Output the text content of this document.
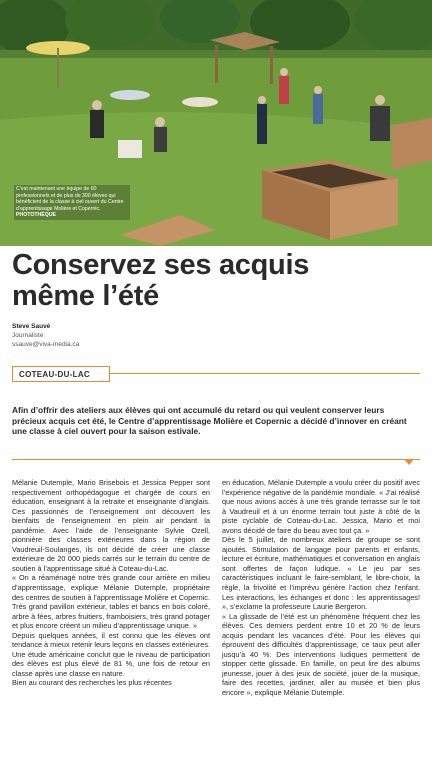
C’est maintenant une équipe de 60 professionnels et de plus de 300 élèves qui bénéficient de la classe à ciel ouvert du Centre d’apprentissage Molière et Copernic. PHOTOTHÈQUE
Conservez ses acquis même l’été
Steve Sauvé
Journaliste
ssauve@viva-media.ca
COTEAU-DU-LAC
Afin d’offrir des ateliers aux élèves qui ont accumulé du retard ou qui veulent conserver leurs précieux acquis cet été, le Centre d’apprentissage Molière et Copernic a décidé d’innover en créant une classe à ciel ouvert pour la saison estivale.

Mélanie Dutemple, Mario Brisebois et Jessica Pepper sont respectivement orthopédagogue et chargée de cours en éducation, enseignant à la retraite et enseignante d’anglais. Ces passionnés de l’enseignement ont découvert les bienfaits de l’enseignement en plein air pendant la pandémie. Avec l’aide de l’enseignante Sylvie Ozell, pionnière des classes extérieures dans la région de Vaudreuil-Soulanges, ils ont décidé de créer une classe extérieure de 20 000 pieds carrés sur le terrain du centre de soutien à l’apprentissage situé à Coteau-du-Lac.

« On a réaménagé notre très grande cour arrière en milieu d’apprentissage, explique Mélanie Dutemple, propriétaire des centres de soutien à l’apprentissage Molière et Copernic. Très grand pavillon extérieur, tables et bancs en bois coloré, arbre à fées, arbres fruitiers, framboisiers, très grand potager et plus encore créent un milieu d’apprentissage unique. »

Depuis quelques années, il est connu que les élèves ont tendance à mieux retenir leurs leçons en classes extérieures. Une étude américaine conclut que le niveau de participation des élèves est plus élevé de 81 %, une fois de retour en classe après une classe en nature.

Bien au courant des recherches les plus récentes

en éducation, Mélanie Dutemple a voulu créer du positif avec l’expérience négative de la pandémie mondiale. « J’ai réalisé que nous avions accès à une très grande terrasse sur le toit à Vaudreuil et à un énorme terrain tout juste à côté de la piste cyclable de Coteau-du-Lac. Jessica, Mario et moi avons décidé de faire du beau avec tout ça. »

Dès le 5 juillet, de nombreux ateliers de groupe se sont ajoutés. Stimulation de langage pour parents et enfants, lecture et écriture, mathématiques et conversation en anglais sont offertes de façon ludique. « Le jeu par ses caractéristiques incluant le faire-semblant, le libre-choix, la règle, la frivolité et l’imprévu génère l’action chez l’enfant. Les interactions, les échanges et donc : les apprentissages! », s’exclame la professeure Laurie Bergeron.

« La glissade de l’été est un phénomène fréquent chez les élèves. Ces derniers perdent entre 10 et 20 % de leurs acquis pendant les vacances d’été. Pour les élèves qui éprouvent des difficultés d’apprentissage, ce taux peut aller jusqu’à 40 %. Des interventions ludiques permettent de stopper cette glissade. En famille, on peut lire des albums jeunesse, jouer à des jeux de société, jouer de la musique, faire des recettes, jardiner, aller au musée et bien plus encore », explique Mélanie Dutemple.
